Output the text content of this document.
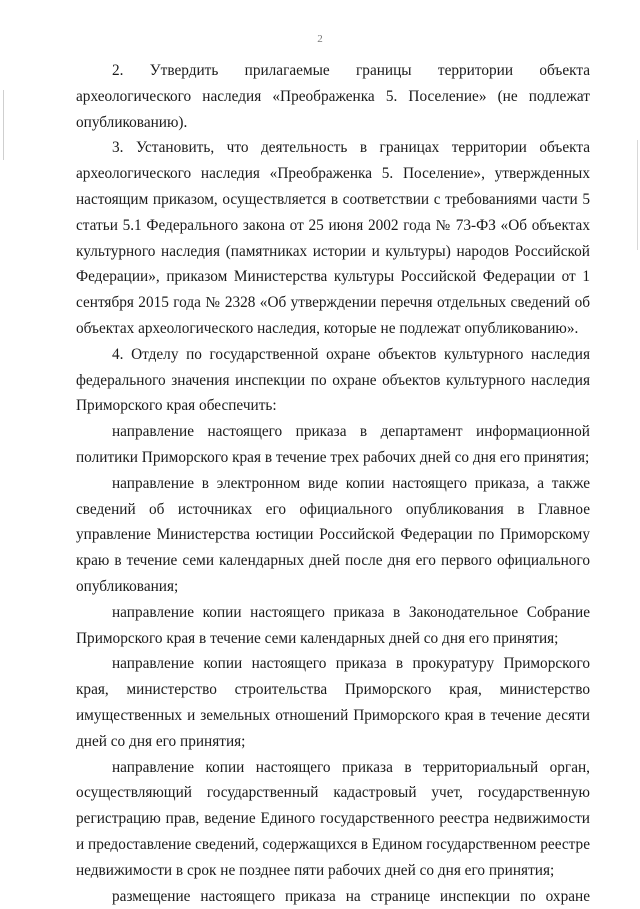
2

2. Утвердить прилагаемые границы территории объекта археологического наследия «Преображенка 5. Поселение» (не подлежат опубликованию).

3. Установить, что деятельность в границах территории объекта археологического наследия «Преображенка 5. Поселение», утвержденных настоящим приказом, осуществляется в соответствии с требованиями части 5 статьи 5.1 Федерального закона от 25 июня 2002 года № 73-ФЗ «Об объектах культурного наследия (памятниках истории и культуры) народов Российской Федерации», приказом Министерства культуры Российской Федерации от 1 сентября 2015 года № 2328 «Об утверждении перечня отдельных сведений об объектах археологического наследия, которые не подлежат опубликованию».

4. Отделу по государственной охране объектов культурного наследия федерального значения инспекции по охране объектов культурного наследия Приморского края обеспечить:

направление настоящего приказа в департамент информационной политики Приморского края в течение трех рабочих дней со дня его принятия;

направление в электронном виде копии настоящего приказа, а также сведений об источниках его официального опубликования в Главное управление Министерства юстиции Российской Федерации по Приморскому краю в течение семи календарных дней после дня его первого официального опубликования;

направление копии настоящего приказа в Законодательное Собрание Приморского края в течение семи календарных дней со дня его принятия;

направление копии настоящего приказа в прокуратуру Приморского края, министерство строительства Приморского края, министерство имущественных и земельных отношений Приморского края в течение десяти дней со дня его принятия;

направление копии настоящего приказа в территориальный орган, осуществляющий государственный кадастровый учет, государственную регистрацию прав, ведение Единого государственного реестра недвижимости и предоставление сведений, содержащихся в Едином государственном реестре недвижимости в срок не позднее пяти рабочих дней со дня его принятия;

размещение настоящего приказа на странице инспекции по охране
